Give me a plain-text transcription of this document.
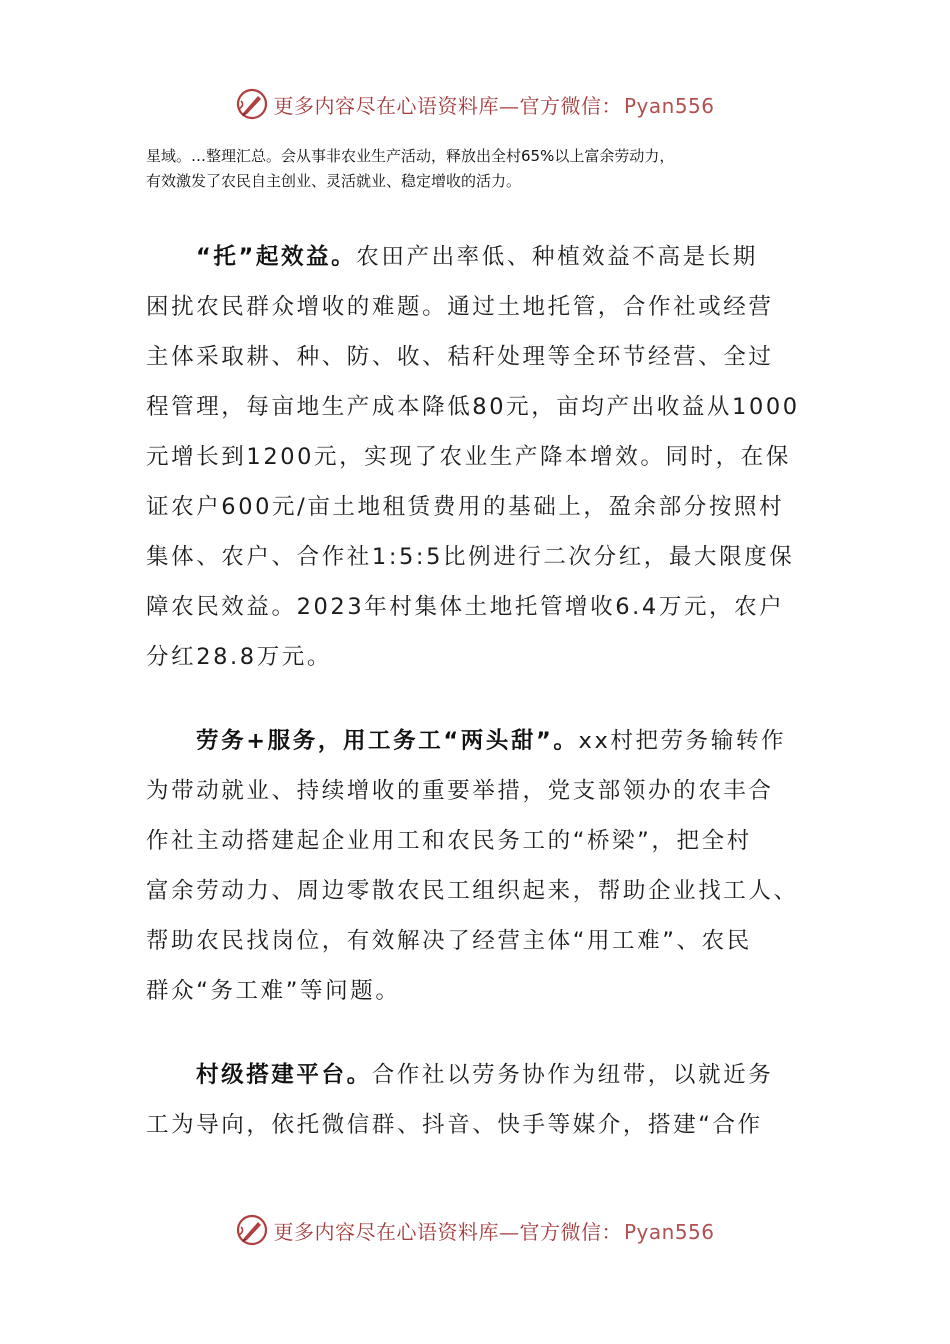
更多内容尽在心语资料库—官方微信： Pyan556

星域。…整理汇总。会从事非农业生产活动，释放出全村65%以上富余劳动力，

有效激发了农民自主创业、灵活就业、稳定增收的活力。

“托”起效益。农田产出率低、种植效益不高是长期
困扰农民群众增收的难题。通过土地托管，合作社或经营
主体采取耕、种、防、收、秸秆处理等全环节经营、全过
程管理，每亩地生产成本降低80元，亩均产出收益从1000
元增长到1200元，实现了农业生产降本增效。同时，在保
证农户600元/亩土地租赁费用的基础上，盈余部分按照村
集体、农户、合作社1:5:5比例进行二次分红，最大限度保
障农民效益。2023年村集体土地托管增收6.4万元，农户
分红28.8万元。
劳务+服务，用工务工“两头甜”。xx村把劳务输转作
为带动就业、持续增收的重要举措，党支部领办的农丰合
作社主动搭建起企业用工和农民务工的“桥梁”，把全村
富余劳动力、周边零散农民工组织起来，帮助企业找工人、
帮助农民找岗位，有效解决了经营主体“用工难”、农民
群众“务工难”等问题。
村级搭建平台。合作社以劳务协作为纽带，以就近务
工为导向，依托微信群、抖音、快手等媒介，搭建“合作
更多内容尽在心语资料库—官方微信： Pyan556
